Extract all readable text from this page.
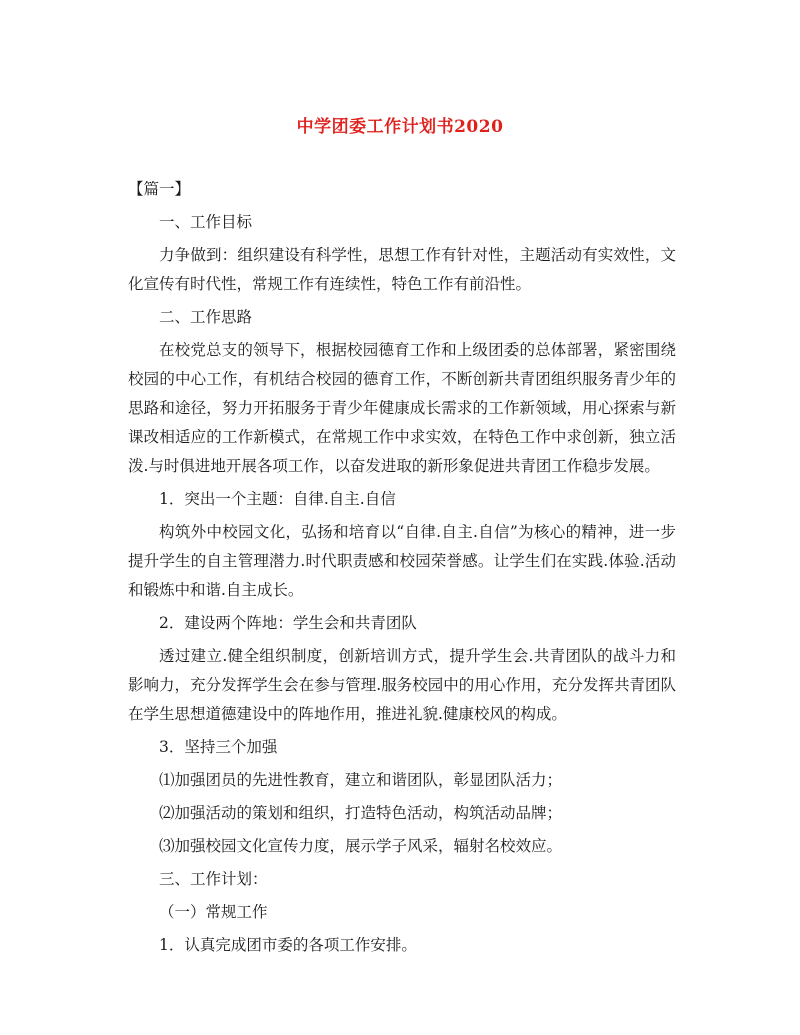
中学团委工作计划书2020

【篇一】

一、工作目标

力争做到：组织建设有科学性，思想工作有针对性，主题活动有实效性，文化宣传有时代性，常规工作有连续性，特色工作有前沿性。

二、工作思路

在校党总支的领导下，根据校园德育工作和上级团委的总体部署，紧密围绕校园的中心工作，有机结合校园的德育工作，不断创新共青团组织服务青少年的思路和途径，努力开拓服务于青少年健康成长需求的工作新领域，用心探索与新课改相适应的工作新模式，在常规工作中求实效，在特色工作中求创新，独立活泼.与时俱进地开展各项工作，以奋发进取的新形象促进共青团工作稳步发展。

1．突出一个主题：自律.自主.自信

构筑外中校园文化，弘扬和培育以“自律.自主.自信”为核心的精神，进一步提升学生的自主管理潜力.时代职责感和校园荣誉感。让学生们在实践.体验.活动和锻炼中和谐.自主成长。

2．建设两个阵地：学生会和共青团队

透过建立.健全组织制度，创新培训方式，提升学生会.共青团队的战斗力和影响力，充分发挥学生会在参与管理.服务校园中的用心作用，充分发挥共青团队在学生思想道德建设中的阵地作用，推进礼貌.健康校风的构成。

3．坚持三个加强

⑴加强团员的先进性教育，建立和谐团队，彰显团队活力；

⑵加强活动的策划和组织，打造特色活动，构筑活动品牌；

⑶加强校园文化宣传力度，展示学子风采，辐射名校效应。

三、工作计划：

（一）常规工作

1．认真完成团市委的各项工作安排。
